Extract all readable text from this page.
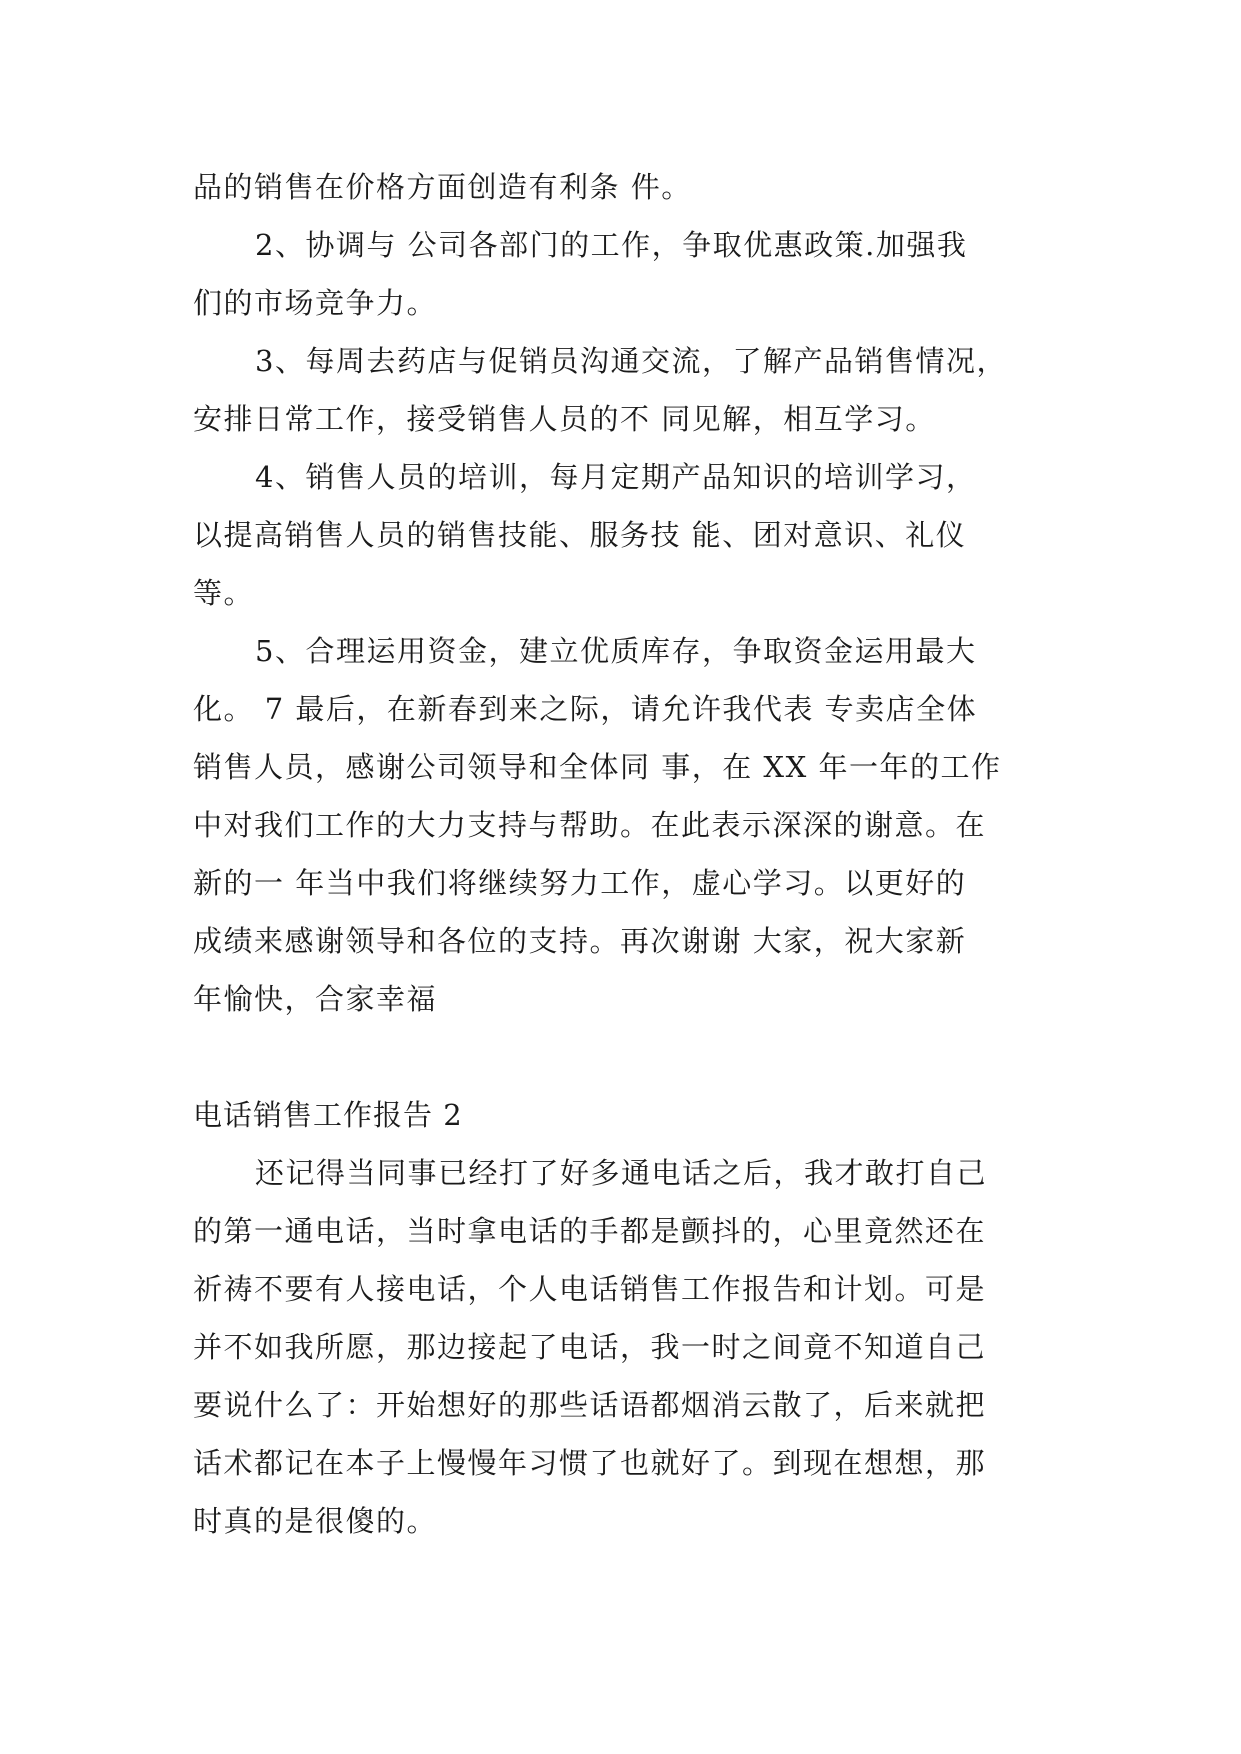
品的销售在价格方面创造有利条 件。
2、协调与 公司各部门的工作，争取优惠政策.加强我
们的市场竞争力。
3、每周去药店与促销员沟通交流，了解产品销售情况，
安排日常工作，接受销售人员的不 同见解，相互学习。
4、销售人员的培训，每月定期产品知识的培训学习，
以提高销售人员的销售技能、服务技 能、团对意识、礼仪
等。
5、合理运用资金，建立优质库存，争取资金运用最大
化。 7 最后，在新春到来之际，请允许我代表 专卖店全体
销售人员，感谢公司领导和全体同 事，在 XX 年一年的工作
中对我们工作的大力支持与帮助。在此表示深深的谢意。在
新的一 年当中我们将继续努力工作，虚心学习。以更好的
成绩来感谢领导和各位的支持。再次谢谢 大家，祝大家新
年愉快，合家幸福
电话销售工作报告 2
还记得当同事已经打了好多通电话之后，我才敢打自己
的第一通电话，当时拿电话的手都是颤抖的，心里竟然还在
祈祷不要有人接电话，个人电话销售工作报告和计划。可是
并不如我所愿，那边接起了电话，我一时之间竟不知道自己
要说什么了：开始想好的那些话语都烟消云散了，后来就把
话术都记在本子上慢慢年习惯了也就好了。到现在想想，那
时真的是很傻的。
